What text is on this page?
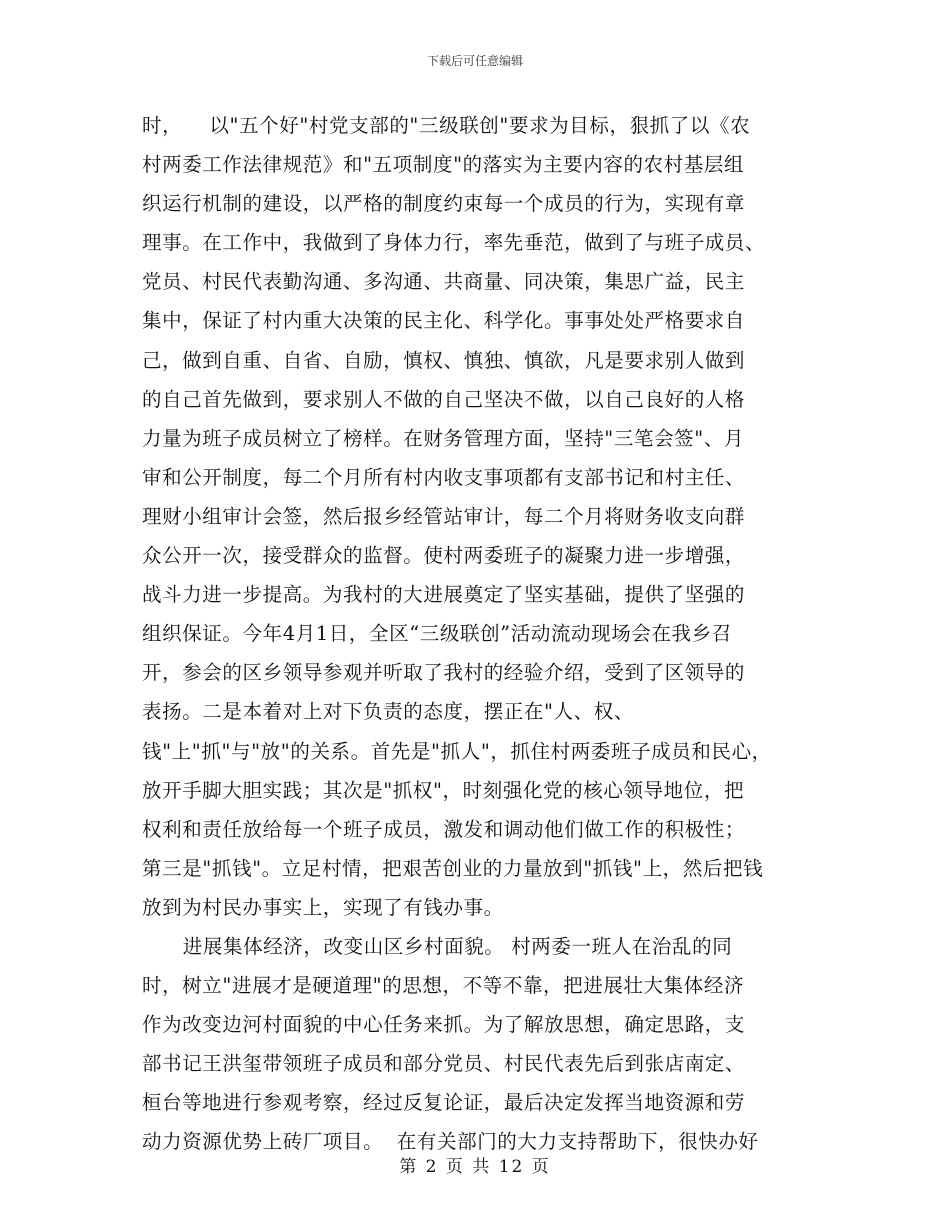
下载后可任意编辑
时，    以"五个好"村党支部的"三级联创"要求为目标，狠抓了以《农
村两委工作法律规范》和"五项制度"的落实为主要内容的农村基层组
织运行机制的建设，以严格的制度约束每一个成员的行为，实现有章
理事。在工作中，我做到了身体力行，率先垂范，做到了与班子成员、
党员、村民代表勤沟通、多沟通、共商量、同决策，集思广益，民主
集中，保证了村内重大决策的民主化、科学化。事事处处严格要求自
己，做到自重、自省、自励，慎权、慎独、慎欲，凡是要求别人做到
的自己首先做到，要求别人不做的自己坚决不做，以自己良好的人格
力量为班子成员树立了榜样。在财务管理方面，坚持"三笔会签"、月
审和公开制度，每二个月所有村内收支事项都有支部书记和村主任、
理财小组审计会签，然后报乡经管站审计，每二个月将财务收支向群
众公开一次，接受群众的监督。使村两委班子的凝聚力进一步增强，
战斗力进一步提高。为我村的大进展奠定了坚实基础，提供了坚强的
组织保证。今年4月1日，全区“三级联创”活动流动现场会在我乡召
开，参会的区乡领导参观并听取了我村的经验介绍，受到了区领导的
表扬。二是本着对上对下负责的态度，摆正在"人、权、
钱"上"抓"与"放"的关系。首先是"抓人"，抓住村两委班子成员和民心，
放开手脚大胆实践；其次是"抓权"，时刻强化党的核心领导地位，把
权利和责任放给每一个班子成员，激发和调动他们做工作的积极性；
第三是"抓钱"。立足村情，把艰苦创业的力量放到"抓钱"上，然后把钱
放到为村民办事实上，实现了有钱办事。
进展集体经济，改变山区乡村面貌。 村两委一班人在治乱的同
时，树立"进展才是硬道理"的思想，不等不靠，把进展壮大集体经济
作为改变边河村面貌的中心任务来抓。为了解放思想，确定思路，支
部书记王洪玺带领班子成员和部分党员、村民代表先后到张店南定、
桓台等地进行参观考察，经过反复论证，最后决定发挥当地资源和劳
动力资源优势上砖厂项目。  在有关部门的大力支持帮助下，很快办好
第 2 页 共 12 页
